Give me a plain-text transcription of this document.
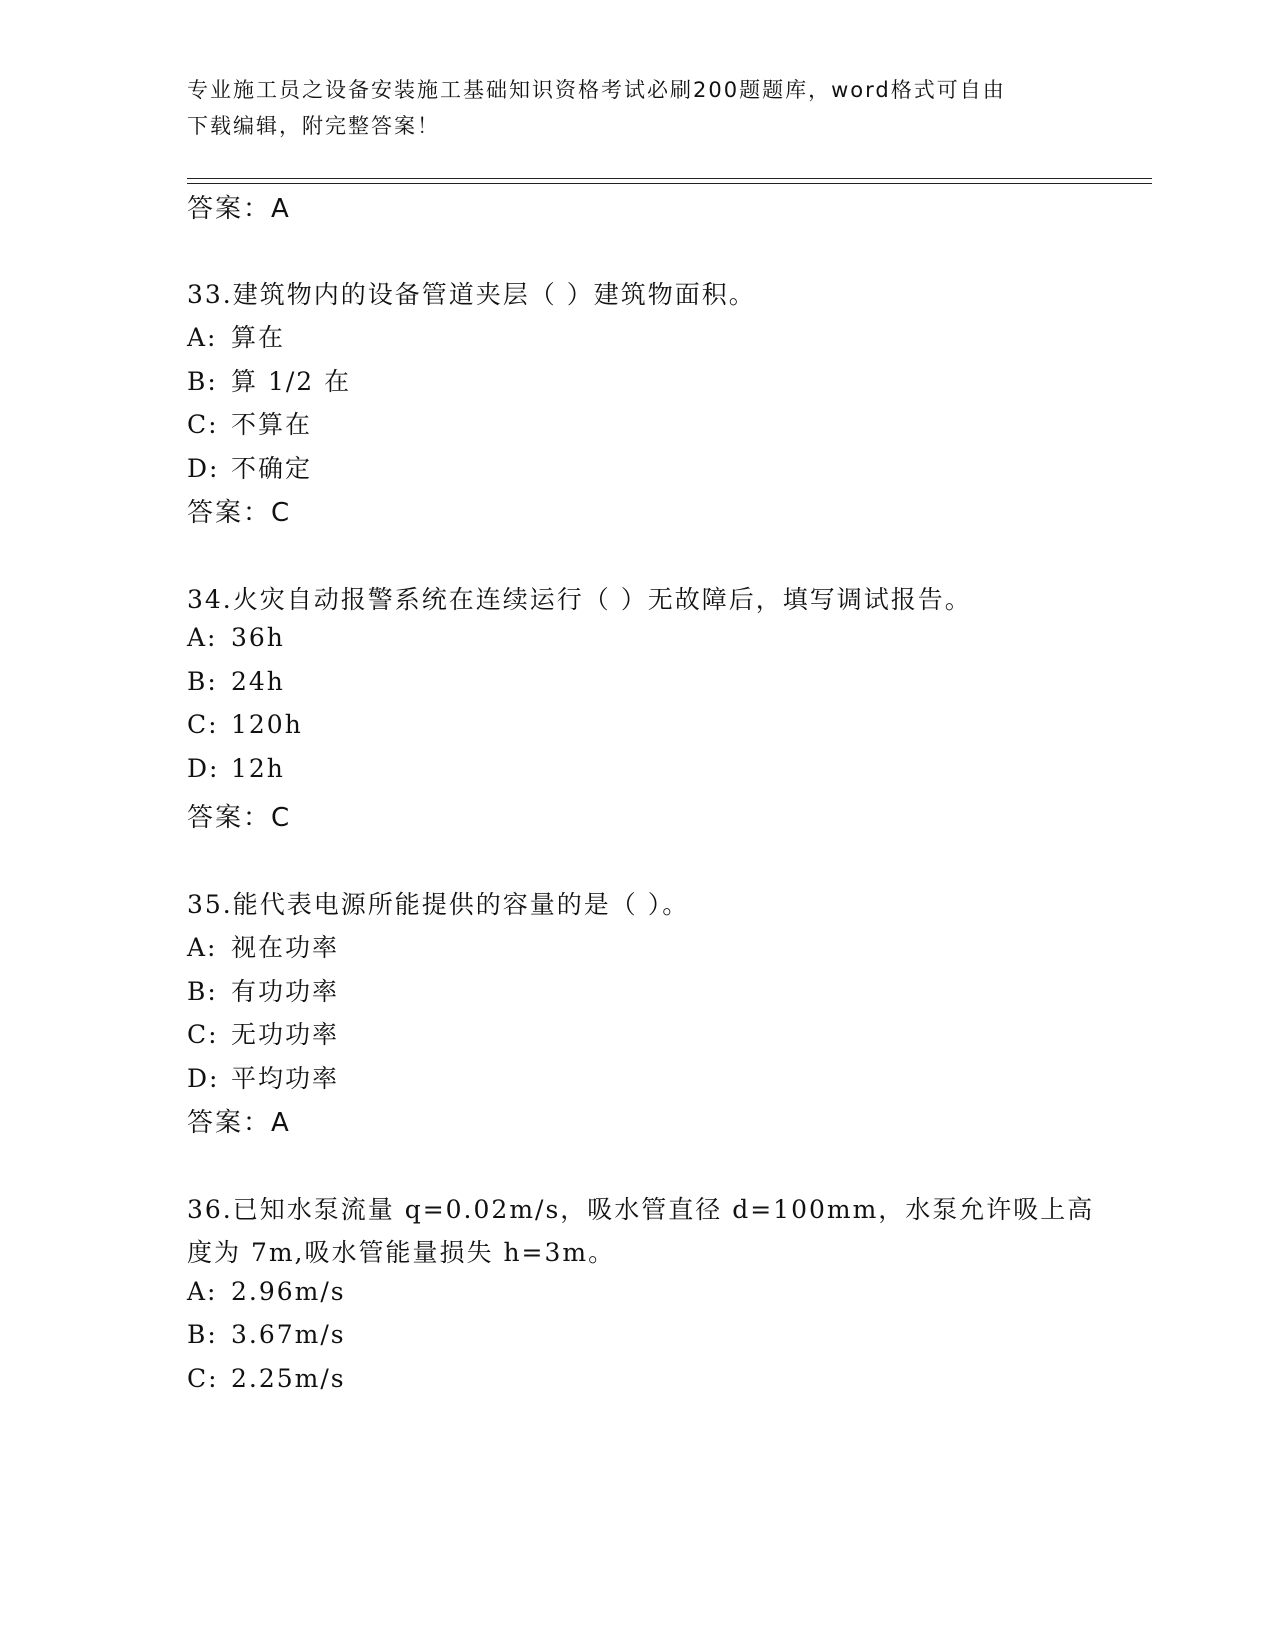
专业施工员之设备安装施工基础知识资格考试必刷200题题库，word格式可自由
下载编辑，附完整答案！
答案：A
33.建筑物内的设备管道夹层（ ）建筑物面积。
A: 算在
B: 算 1/2 在
C: 不算在
D: 不确定
答案：C
34.火灾自动报警系统在连续运行（ ）无故障后，填写调试报告。
A: 36h
B: 24h
C: 120h
D: 12h
答案：C
35.能代表电源所能提供的容量的是（ ）。
A: 视在功率
B: 有功功率
C: 无功功率
D: 平均功率
答案：A
36.已知水泵流量 q=0.02m/s，吸水管直径 d=100mm，水泵允许吸上高
度为 7m,吸水管能量损失 h=3m。
A: 2.96m/s
B: 3.67m/s
C: 2.25m/s
